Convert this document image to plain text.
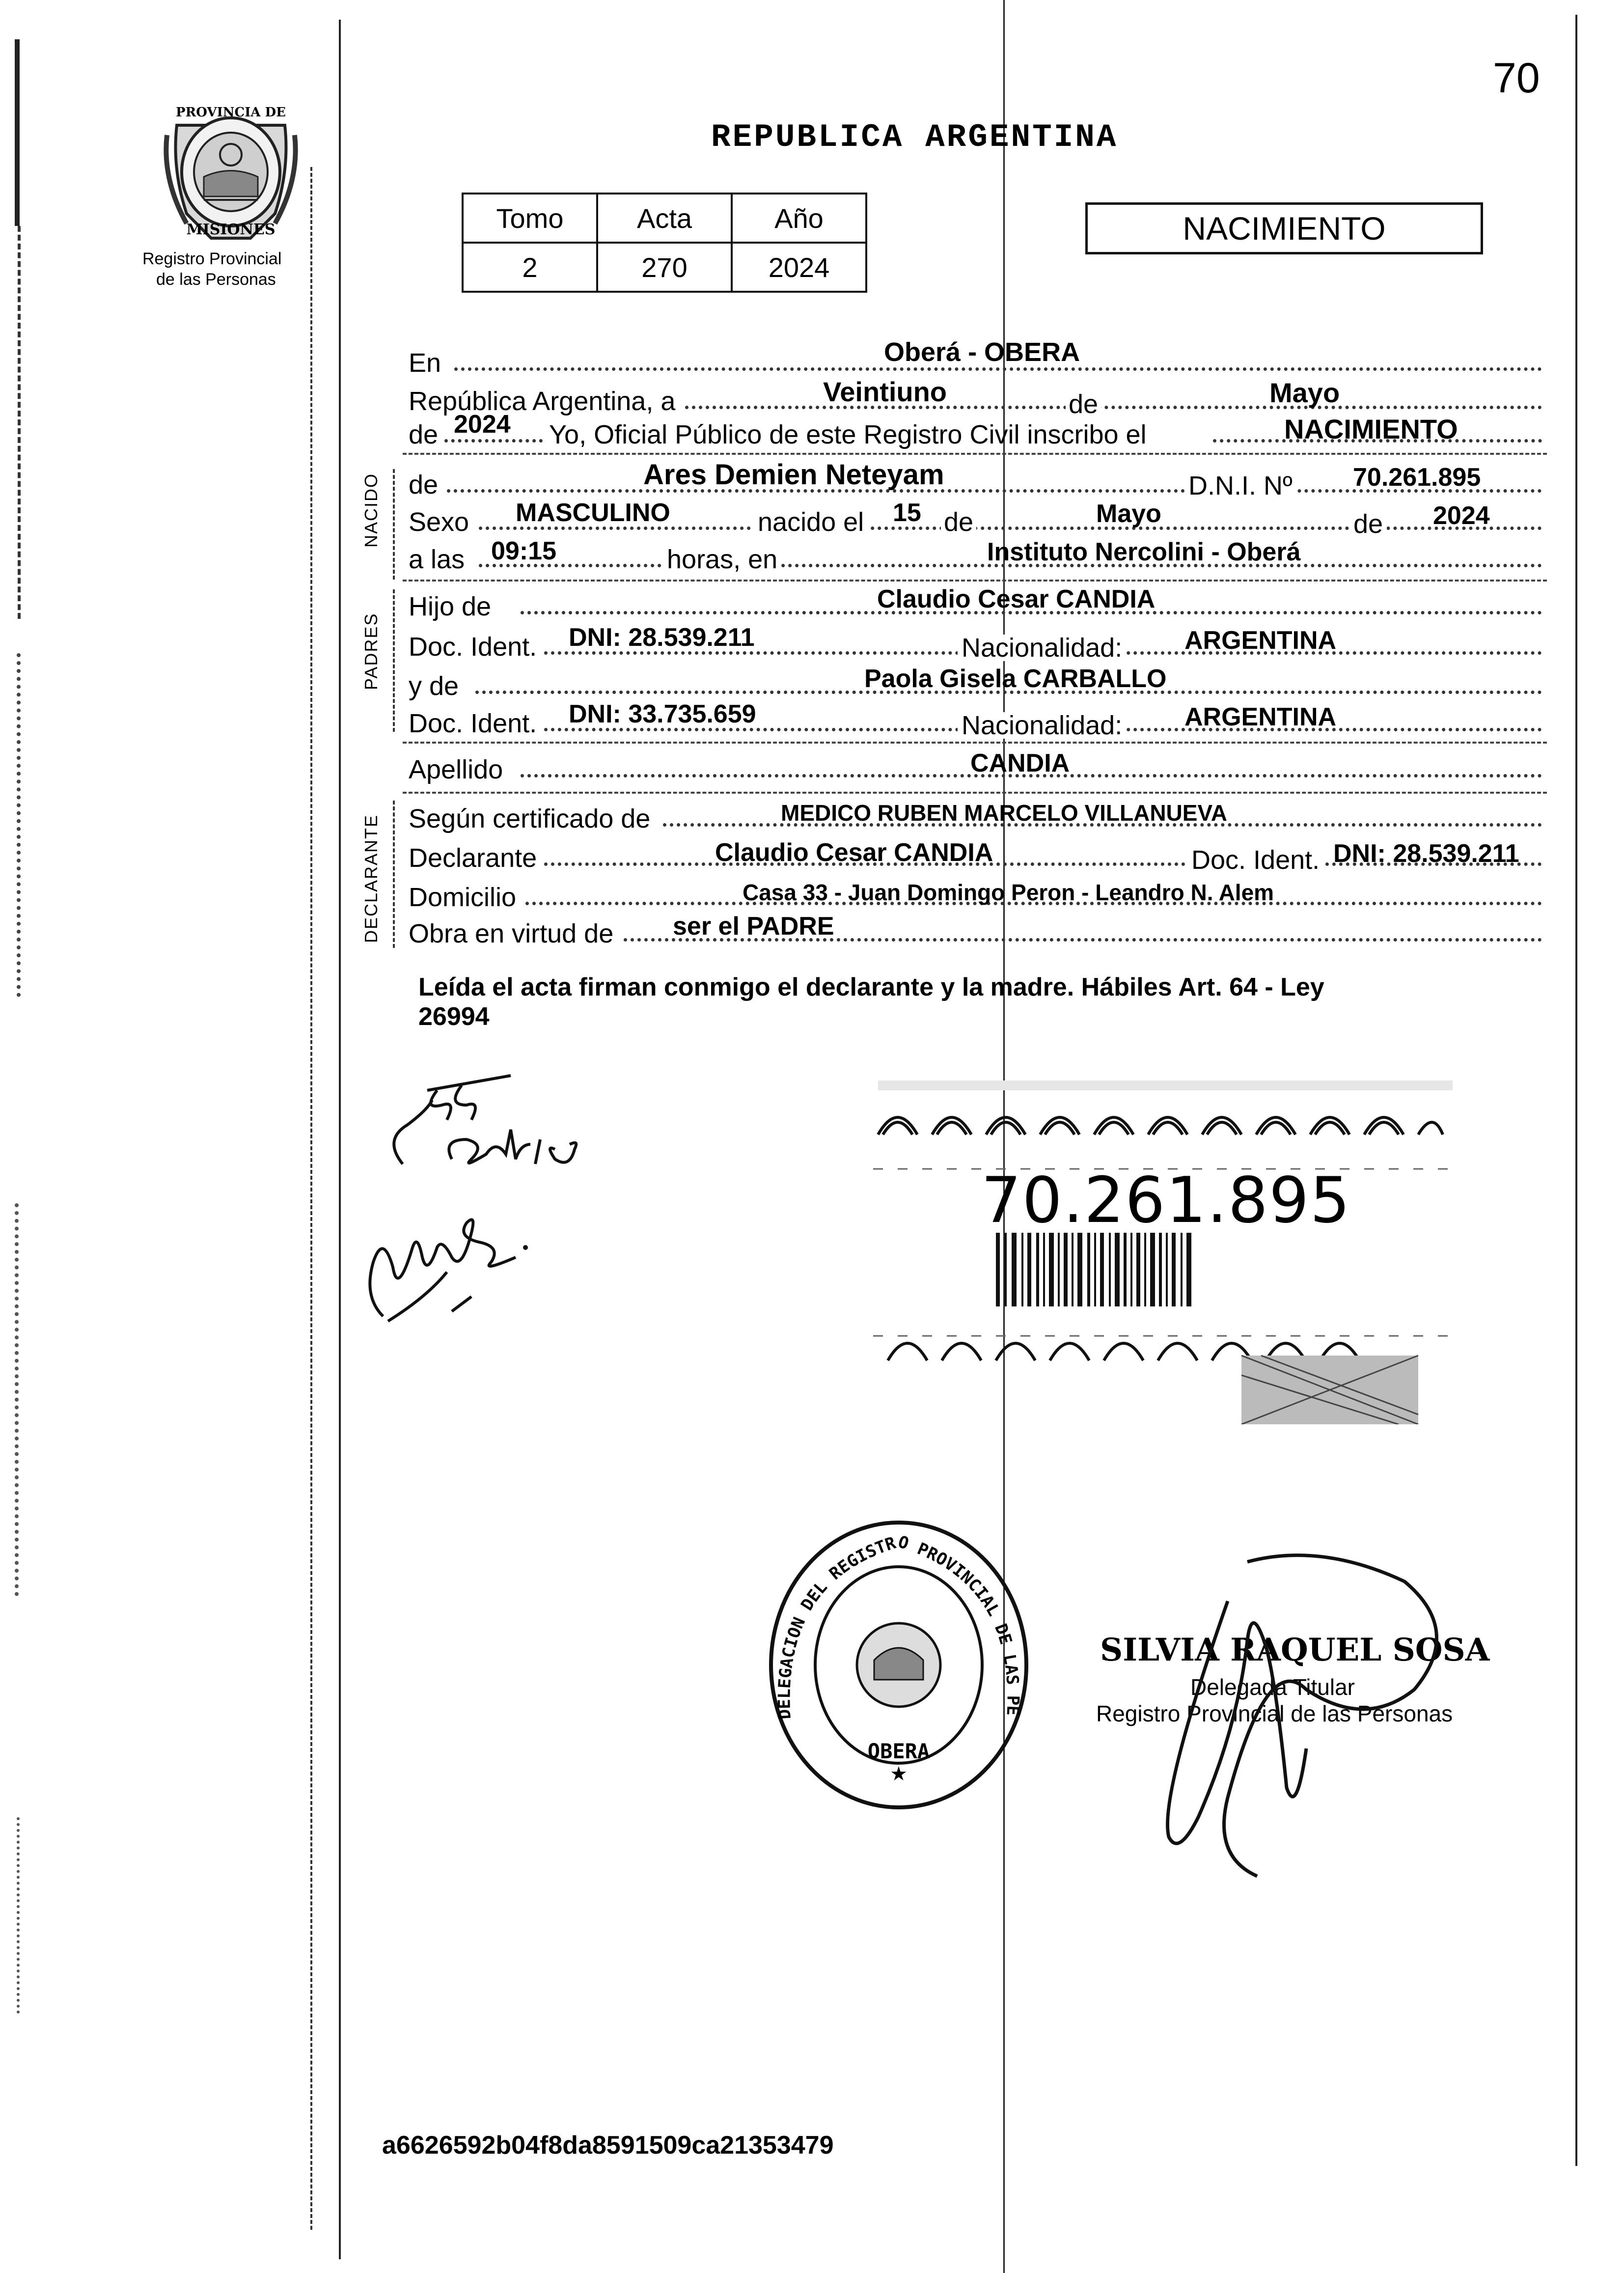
70
PROVINCIA DE
MISIONES
Registro Provincial
de las Personas
REPUBLICA ARGENTINA
Tomo	Acta	Año
2	270	2024
NACIMIENTO
En	Oberá - OBERA
República Argentina, a	Veintiuno	de	Mayo
de 2024 Yo, Oficial Público de este Registro Civil inscribo el	NACIMIENTO
NACIDO de	Ares Demien Neteyam	D.N.I. Nº 70.261.895
Sexo MASCULINO	nacido el 15 de	Mayo	de 2024
a las 09:15	horas, en	Instituto Nercolini - Oberá
PADRES
Hijo de	Claudio Cesar CANDIA
Doc. Ident. DNI: 28.539.211	Nacionalidad: ARGENTINA
y de	Paola Gisela CARBALLO
Doc. Ident. DNI: 33.735.659	Nacionalidad: ARGENTINA
Apellido	CANDIA
DECLARANTE Según certificado de	MEDICO RUBEN MARCELO VILLANUEVA
Declarante	Claudio Cesar CANDIA	Doc. Ident. DNI: 28.539.211
Domicilio	Casa 33 - Juan Domingo Peron - Leandro N. Alem
Obra en virtud de ser el PADRE
Leída el acta firman conmigo el declarante y la madre. Hábiles Art. 64 - Ley
26994
70.261.895
★
DELEGACION DEL REGISTRO PROVINCIAL DE LAS PE
OBERA
SILVIA RAQUEL SOSA
Delegada Titular
Registro Provincial de las Personas
a6626592b04f8da8591509ca21353479
